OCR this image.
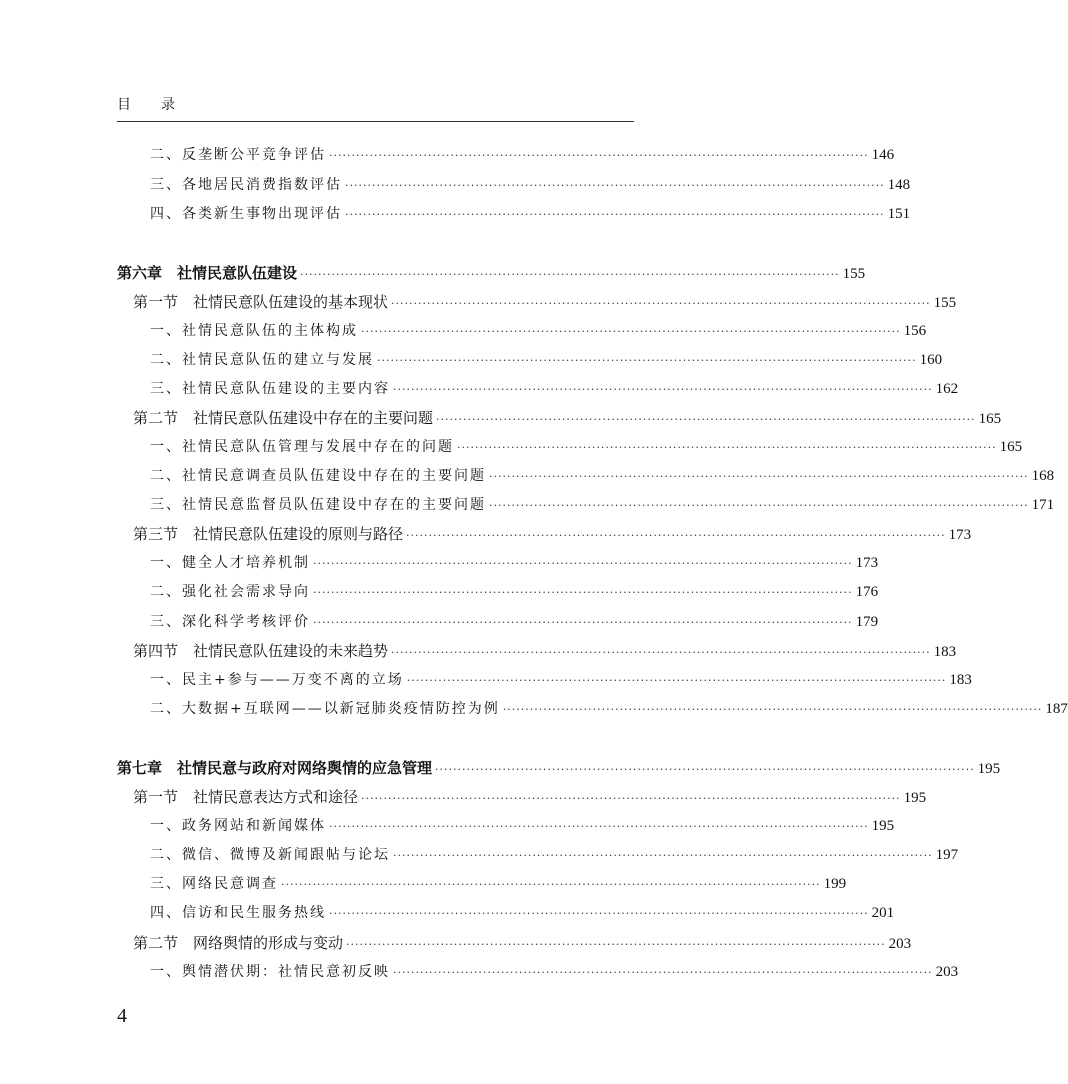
目 录
二、反垄断公平竞争评估 ························································································································ 146
三、各地居民消费指数评估 ························································································································ 148
四、各类新生事物出现评估 ························································································································ 151
第六章　社情民意队伍建设 ························································································································ 155
第一节　社情民意队伍建设的基本现状 ························································································································ 155
一、社情民意队伍的主体构成 ························································································································ 156
二、社情民意队伍的建立与发展 ························································································································ 160
三、社情民意队伍建设的主要内容 ························································································································ 162
第二节　社情民意队伍建设中存在的主要问题 ························································································································ 165
一、社情民意队伍管理与发展中存在的问题 ························································································································ 165
二、社情民意调查员队伍建设中存在的主要问题 ························································································································ 168
三、社情民意监督员队伍建设中存在的主要问题 ························································································································ 171
第三节　社情民意队伍建设的原则与路径 ························································································································ 173
一、健全人才培养机制 ························································································································ 173
二、强化社会需求导向 ························································································································ 176
三、深化科学考核评价 ························································································································ 179
第四节　社情民意队伍建设的未来趋势 ························································································································ 183
一、民主+参与——万变不离的立场 ························································································································ 183
二、大数据+互联网——以新冠肺炎疫情防控为例 ························································································································ 187
第七章　社情民意与政府对网络舆情的应急管理 ························································································································ 195
第一节　社情民意表达方式和途径 ························································································································ 195
一、政务网站和新闻媒体 ························································································································ 195
二、微信、微博及新闻跟帖与论坛 ························································································································ 197
三、网络民意调查 ························································································································ 199
四、信访和民生服务热线 ························································································································ 201
第二节　网络舆情的形成与变动 ························································································································ 203
一、舆情潜伏期：社情民意初反映 ························································································································ 203
4
